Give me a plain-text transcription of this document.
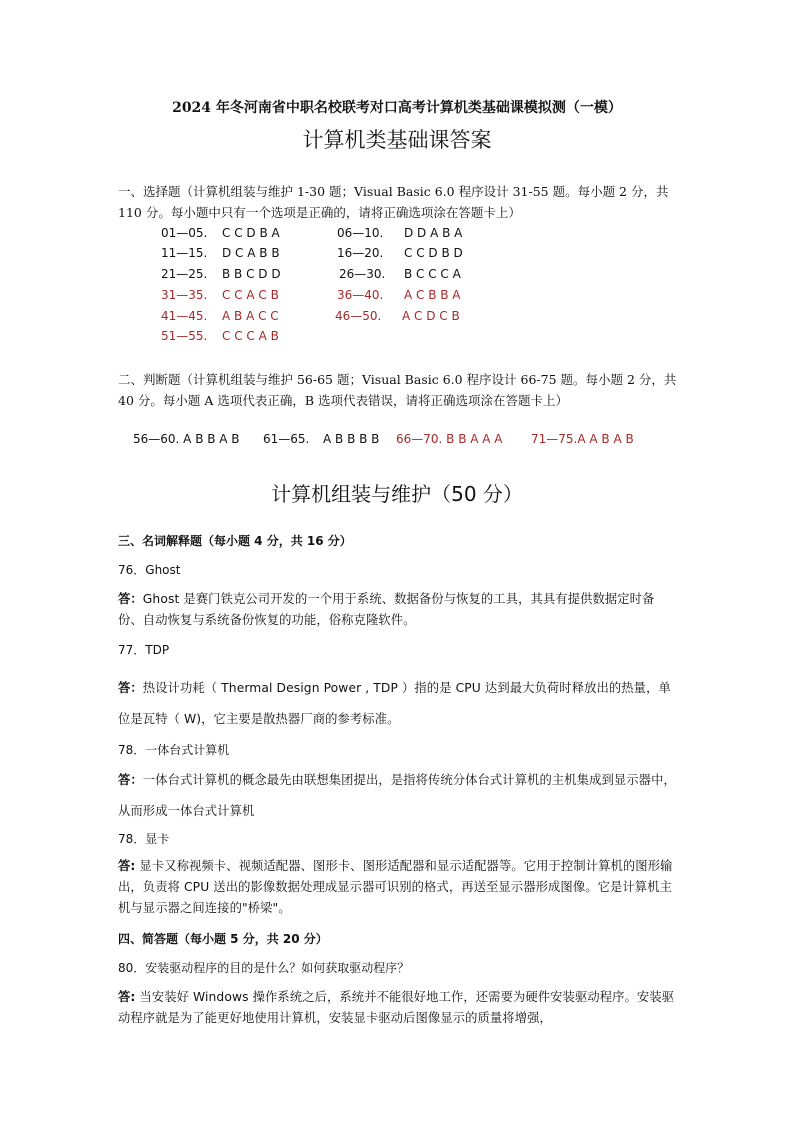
2024 年冬河南省中职名校联考对口高考计算机类基础课模拟测（一模）
计算机类基础课答案
一、选择题（计算机组装与维护 1-30 题；Visual Basic 6.0 程序设计 31-55 题。每小题 2 分，共 110 分。每小题中只有一个选项是正确的，请将正确选项涂在答题卡上）
01—05. C C D B A	06—10. D D A B A
11—15. D C A B B	16—20. C C D B D
21—25. B B C D D	26—30. B C C C A
31—35. C C A C B	36—40. A C B B A
41—45. A B A C C	46—50. A C D C B
51—55. C C C A B
二、判断题（计算机组装与维护 56-65 题；Visual Basic 6.0 程序设计 66-75 题。每小题 2 分，共 40 分。每小题 A 选项代表正确，B 选项代表错误，请将正确选项涂在答题卡上）
56—60. A B B A B 61—65. A B B B B 66—70. B B A A A 71—75.A A B A B
计算机组装与维护（50 分）
三、名词解释题（每小题 4 分，共 16 分）
76．Ghost
答：Ghost 是赛门铁克公司开发的一个用于系统、数据备份与恢复的工具，其具有提供数据定时备份、自动恢复与系统备份恢复的功能，俗称克隆软件。
77．TDP
答：热设计功耗（ Thermal Design Power , TDP ）指的是 CPU 达到最大负荷时释放出的热量，单位是瓦特（ W)，它主要是散热器厂商的参考标准。
78．一体台式计算机
答：一体台式计算机的概念最先由联想集团提出，是指将传统分体台式计算机的主机集成到显示器中，从而形成一体台式计算机
78．显卡
答: 显卡又称视频卡、视频适配器、图形卡、图形适配器和显示适配器等。它用于控制计算机的图形输出，负责将 CPU 送出的影像数据处理成显示器可识别的格式，再送至显示器形成图像。它是计算机主机与显示器之间连接的"桥梁"。
四、简答题（每小题 5 分，共 20 分）
80．安装驱动程序的目的是什么？如何获取驱动程序？
答: 当安装好 Windows 操作系统之后，系统并不能很好地工作，还需要为硬件安装驱动程序。安装驱动程序就是为了能更好地使用计算机，安装显卡驱动后图像显示的质量将增强，
